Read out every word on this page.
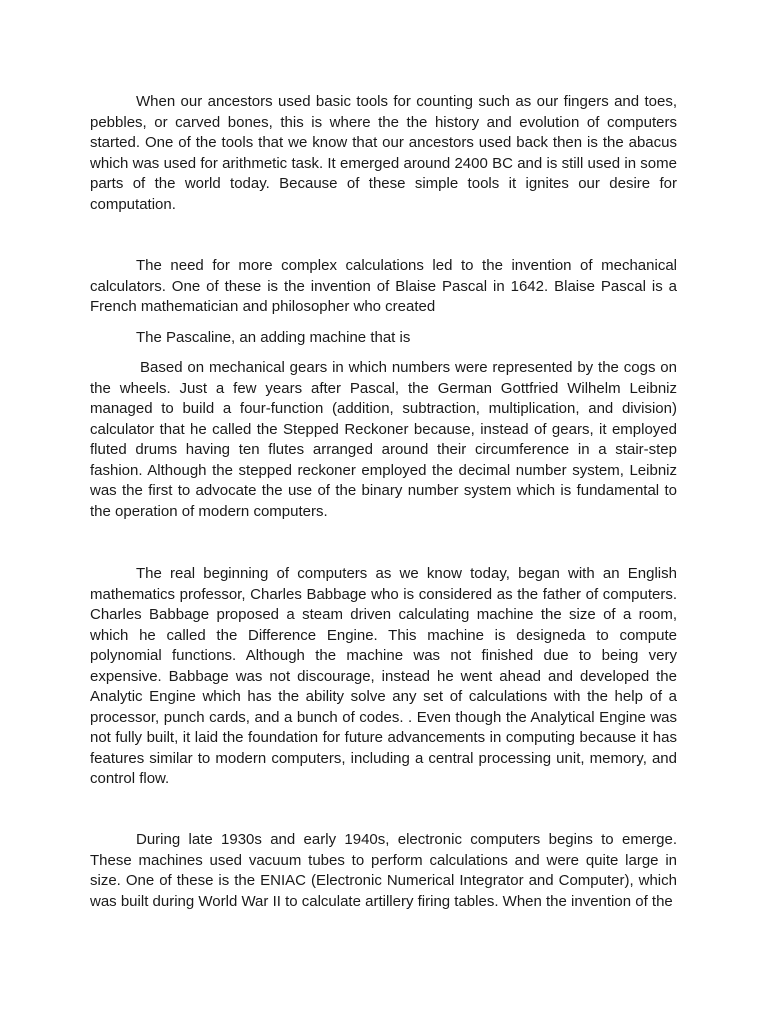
When our ancestors used basic tools for counting such as our fingers and toes, pebbles, or carved bones, this is where the the history and evolution of computers started. One of the tools that we know that our ancestors used back then is the abacus which was used for arithmetic task. It emerged around 2400 BC and is still used in some parts of the world today. Because of these simple tools it ignites our desire for computation.

The need for more complex calculations led to the invention of mechanical calculators. One of these is the invention of Blaise Pascal in 1642. Blaise Pascal is a French mathematician and philosopher who created

The Pascaline, an adding machine that is

Based on mechanical gears in which numbers were represented by the cogs on the wheels. Just a few years after Pascal, the German Gottfried Wilhelm Leibniz managed to build a four-function (addition, subtraction, multiplication, and division) calculator that he called the Stepped Reckoner because, instead of gears, it employed fluted drums having ten flutes arranged around their circumference in a stair-step fashion. Although the stepped reckoner employed the decimal number system, Leibniz was the first to advocate the use of the binary number system which is fundamental to the operation of modern computers.

The real beginning of computers as we know today, began with an English mathematics professor, Charles Babbage who is considered as the father of computers. Charles Babbage proposed a steam driven calculating machine the size of a room, which he called the Difference Engine. This machine is designeda to compute polynomial functions. Although the machine was not finished due to being very expensive. Babbage was not discourage, instead he went ahead and developed the Analytic Engine which has the ability solve any set of calculations with the help of a processor, punch cards, and a bunch of codes. . Even though the Analytical Engine was not fully built, it laid the foundation for future advancements in computing because it has features similar to modern computers, including a central processing unit, memory, and control flow.

During late 1930s and early 1940s, electronic computers begins to emerge. These machines used vacuum tubes to perform calculations and were quite large in size. One of these is the ENIAC (Electronic Numerical Integrator and Computer), which was built during World War II to calculate artillery firing tables. When the invention of the
